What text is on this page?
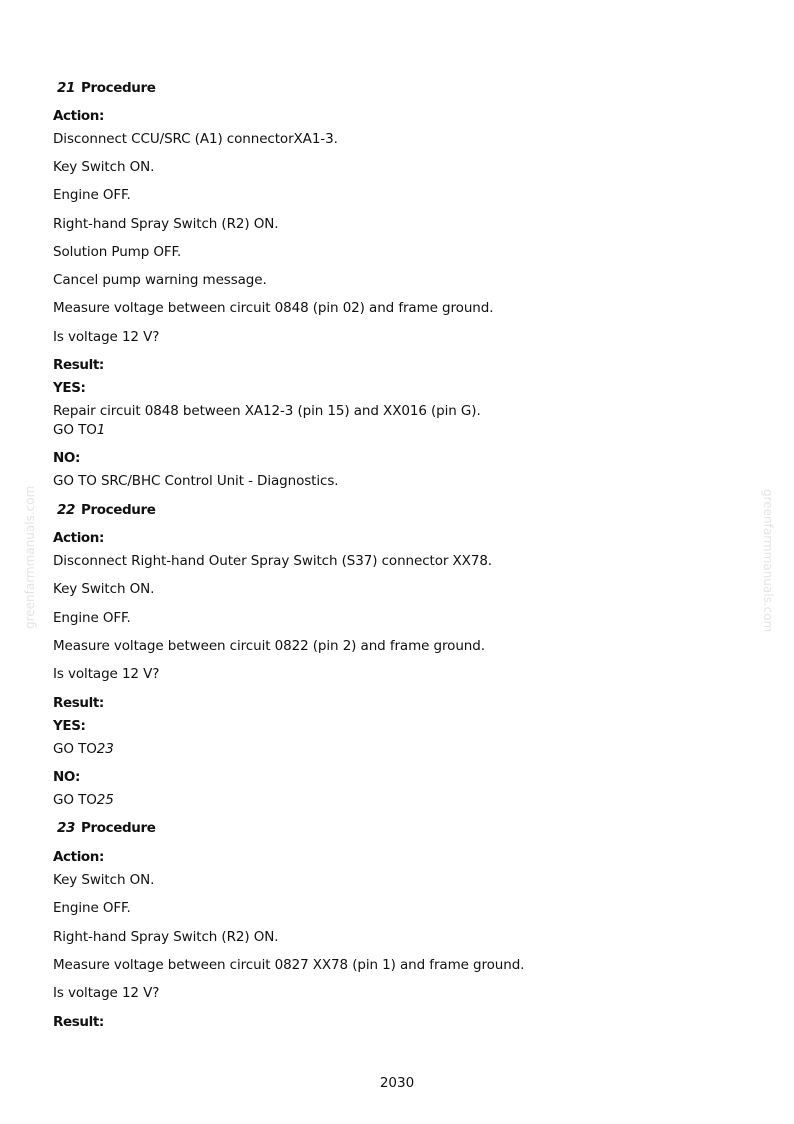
greenfarmmanuals.com	greenfarmmanuals.com
21 Procedure
Action:
Disconnect CCU/SRC (A1) connectorXA1-3.
Key Switch ON.
Engine OFF.
Right-hand Spray Switch (R2) ON.
Solution Pump OFF.
Cancel pump warning message.
Measure voltage between circuit 0848 (pin 02) and frame ground.
Is voltage 12 V?
Result:
YES:
Repair circuit 0848 between XA12-3 (pin 15) and XX016 (pin G).
GO TO1
NO:
GO TO SRC/BHC Control Unit - Diagnostics.
22 Procedure
Action:
Disconnect Right-hand Outer Spray Switch (S37) connector XX78.
Key Switch ON.
Engine OFF.
Measure voltage between circuit 0822 (pin 2) and frame ground.
Is voltage 12 V?
Result:
YES:
GO TO23
NO:
GO TO25
23 Procedure
Action:
Key Switch ON.
Engine OFF.
Right-hand Spray Switch (R2) ON.
Measure voltage between circuit 0827 XX78 (pin 1) and frame ground.
Is voltage 12 V?
Result:
2030
